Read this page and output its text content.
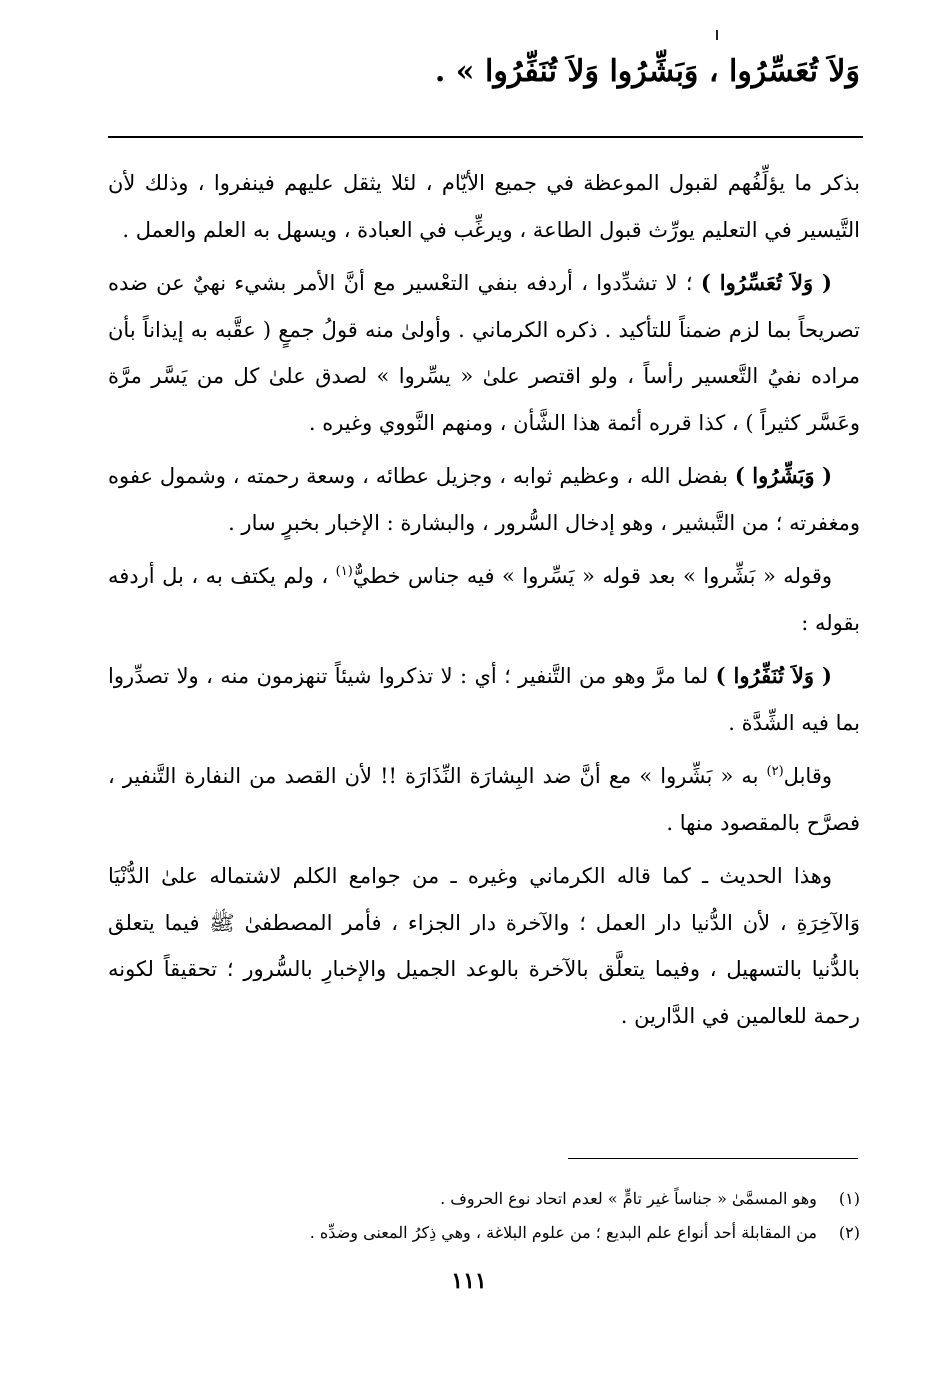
وَلاَ تُعَسِّرُوا ، وَبَشِّرُوا وَلاَ تُنَفِّرُوا » .

بذكر ما يؤلِّفُهم لقبول الموعظة في جميع الأيّام ، لئلا يثقل عليهم فينفروا ، وذلك لأن التَّيسير في التعليم يورِّث قبول الطاعة ، ويرغِّب في العبادة ، ويسهل به العلم والعمل .

( وَلاَ تُعَسِّرُوا ) ؛ لا تشدِّدوا ، أردفه بنفي التعْسير مع أنَّ الأمر بشيء نهيٌ عن ضده تصريحاً بما لزم ضمناً للتأكيد . ذكره الكرماني . وأولىٰ منه قولُ جمعٍ ( عقَّبه به إيذاناً بأن مراده نفيُ التَّعسير رأساً ، ولو اقتصر علىٰ « يسِّروا » لصدق علىٰ كل من يَسَّر مرَّة وعَسَّر كثيراً ) ، كذا قرره أئمة هذا الشَّأن ، ومنهم النَّووي وغيره .

( وَبَشِّرُوا ) بفضل الله ، وعظيم ثوابه ، وجزيل عطائه ، وسعة رحمته ، وشمول عفوه ومغفرته ؛ من التَّبشير ، وهو إدخال السُّرور ، والبشارة : الإخبار بخبرٍ سار .

وقوله « بَشِّروا » بعد قوله « يَسِّروا » فيه جناس خطيٌّ$^{(١)}$ ، ولم يكتف به ، بل أردفه بقوله :

( وَلاَ تُنَفِّرُوا ) لما مرَّ وهو من التَّنفير ؛ أي : لا تذكروا شيئاً تنهزمون منه ، ولا تصدِّروا بما فيه الشِّدَّة .

وقابل$^{(٢)}$ به « بَشِّروا » مع أنَّ ضد البِشارَة النِّذَارَة !! لأن القصد من النفارة التَّنفير ، فصرَّح بالمقصود منها .

وهذا الحديث ـ كما قاله الكرماني وغيره ـ من جوامع الكلم لاشتماله علىٰ الدُّنْيَا وَالآخِرَةِ ، لأن الدُّنيا دار العمل ؛ والآخرة دار الجزاء ، فأمر المصطفىٰ ﷺ فيما يتعلق بالدُّنيا بالتسهيل ، وفيما يتعلَّق بالآخرة بالوعد الجميل والإخبارِ بالسُّرور ؛ تحقيقاً لكونه رحمة للعالمين في الدَّارين .

(١)
وهو المسمَّىٰ « جناساً غير تامٍّ » لعدم اتحاد نوع الحروف .
(٢)
من المقابلة أحد أنواع علم البديع ؛ من علوم البلاغة ، وهي ذِكرُ المعنى وضدِّه .
١١١
